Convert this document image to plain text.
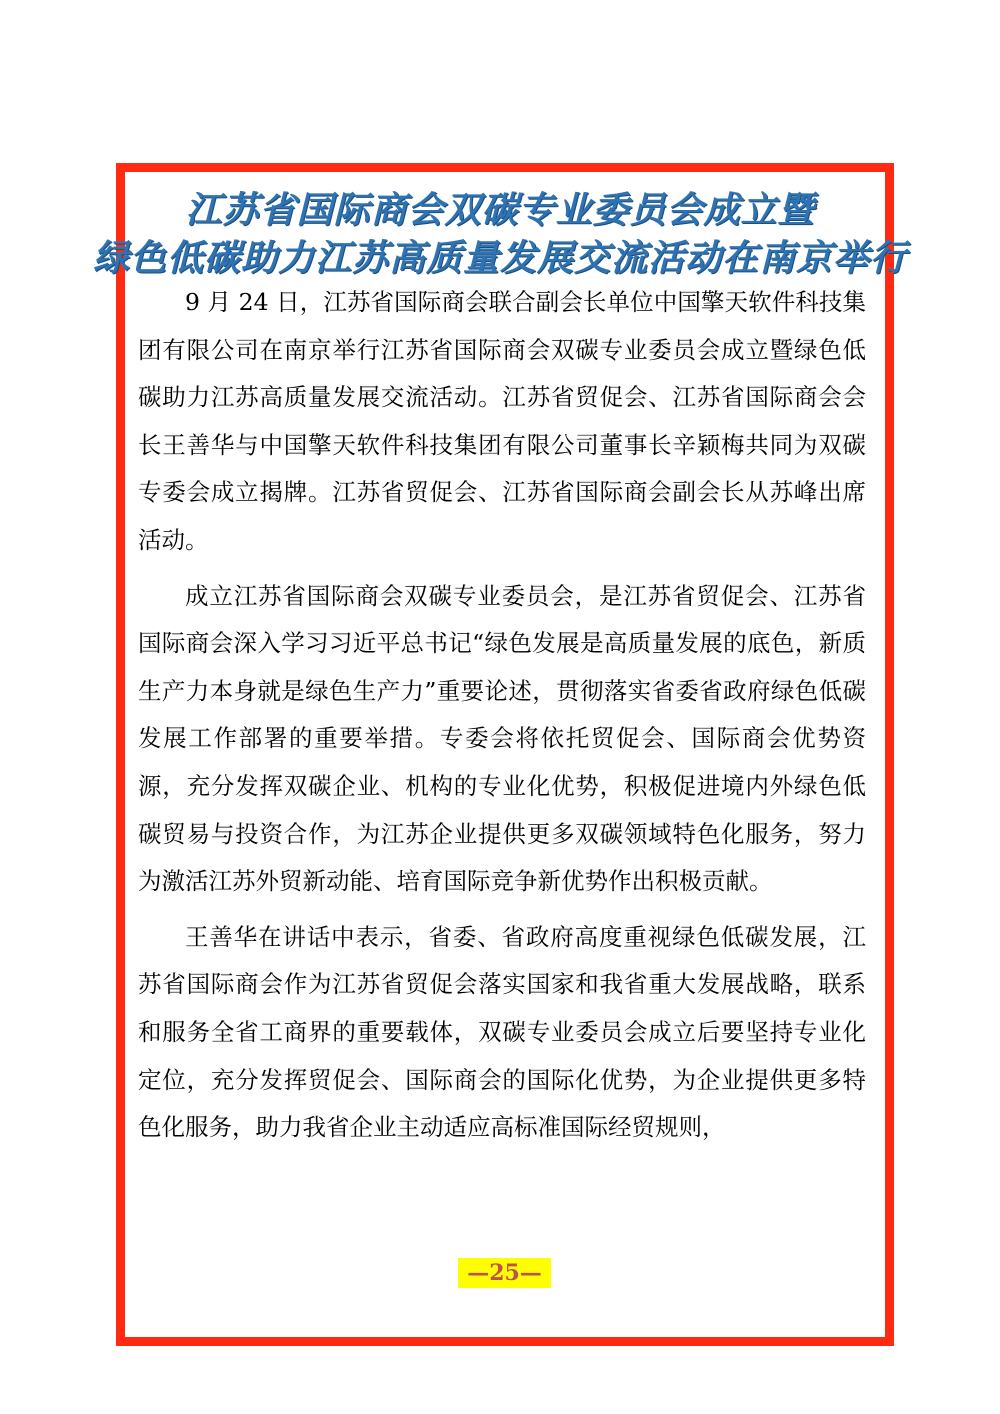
江苏省国际商会双碳专业委员会成立暨
绿色低碳助力江苏高质量发展交流活动在南京举行

9 月 24 日，江苏省国际商会联合副会长单位中国擎天软件科技集团有限公司在南京举行江苏省国际商会双碳专业委员会成立暨绿色低碳助力江苏高质量发展交流活动。江苏省贸促会、江苏省国际商会会长王善华与中国擎天软件科技集团有限公司董事长辛颖梅共同为双碳专委会成立揭牌。江苏省贸促会、江苏省国际商会副会长从苏峰出席活动。

成立江苏省国际商会双碳专业委员会，是江苏省贸促会、江苏省国际商会深入学习习近平总书记“绿色发展是高质量发展的底色，新质生产力本身就是绿色生产力”重要论述，贯彻落实省委省政府绿色低碳发展工作部署的重要举措。专委会将依托贸促会、国际商会优势资源，充分发挥双碳企业、机构的专业化优势，积极促进境内外绿色低碳贸易与投资合作，为江苏企业提供更多双碳领域特色化服务，努力为激活江苏外贸新动能、培育国际竞争新优势作出积极贡献。

王善华在讲话中表示，省委、省政府高度重视绿色低碳发展，江苏省国际商会作为江苏省贸促会落实国家和我省重大发展战略，联系和服务全省工商界的重要载体，双碳专业委员会成立后要坚持专业化定位，充分发挥贸促会、国际商会的国际化优势，为企业提供更多特色化服务，助力我省企业主动适应高标准国际经贸规则，

—25—
